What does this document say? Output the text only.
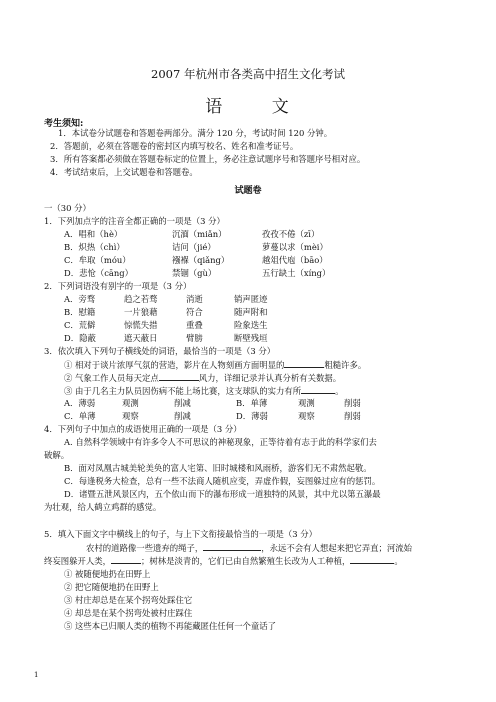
2007 年杭州市各类高中招生文化考试
语 文
考生须知:
1．本试卷分试题卷和答题卷两部分。满分 120 分，考试时间 120 分钟。
2．答题前，必须在答题卷的密封区内填写校名、姓名和准考证号。
3．所有答案都必须做在答题卷标定的位置上，务必注意试题序号和答题序号相对应。
4．考试结束后，上交试题卷和答题卷。
试题卷
一（30 分）
1．下列加点字的注音全都正确的一项是（3 分）
A．唱和（hè）	沉湎（miǎn）	孜孜不倦（zī）
B．炽热（chì）	诘问（jié）	萝蔓以求（mèi）
C．牟取（móu）	襁褓（qiǎng）	越俎代庖（bāo）
D．悲怆（cāng）	禁锢（gù）	五行缺土（xíng）
2．下列词语没有别字的一项是（3 分）
A．旁骛	趋之若骛	消逝	销声匿迹
B．慰籍	一片狼藉	符合	随声附和
C．荒僻	惊慌失措	重叠	险象迭生
D．隐蔽	遮天蔽日	臂膀	断壁残垣
3．依次填入下列句子横线处的词语，最恰当的一项是（3 分）
① 相对于谈片浓厚气氛的营造，影片在人物刻画方面明显的	粗糙许多。
② 气象工作人员每天定点	风力，详细记录并认真分析有关数据。
③ 由于几名主力队员因伤病不能上场比赛，这支球队的实力有所	。
A．薄弱	观测	削减	B．单薄	观测	削弱
C．单薄	观察	削减	D．薄弱	观察	削弱
4．下列句子中加点的成语使用正确的一项是（3 分）
A. 自然科学领域中有许多令人不可思议的神秘现象，正等待着有志于此的科学家们去
破解。
B．面对凤凰古城美轮美奂的富人宅第、旧时城楼和风雨桥，游客们无不肃然起敬。
C．每逢税务大检查，总有一些不法商人随机应变，弄虚作假，妄图躲过应有的惩罚。
D．诸暨五泄风景区内，五个依山而下的瀑布形成一道独特的风景，其中尤以第五瀑最
为壮观，给人鹤立鸡群的感觉。
5．填入下面文字中横线上的句子，与上下文衔接最恰当的一项是（3 分）
农村的道路像一些遗弃的绳子，	，永远不会有人想起来把它弄直；河流始
终妄图躲开人类，	；树林是淡青的，它们已由自然繁殖生长改为人工种植，	。
① 被随便地扔在田野上
② 把它随便地扔在田野上
③ 村庄却总是在某个拐弯处踩住它
④ 却总是在某个拐弯处被村庄踩住
⑤ 这些本已归顺人类的植物不再能藏匿住任何一个童话了
1
